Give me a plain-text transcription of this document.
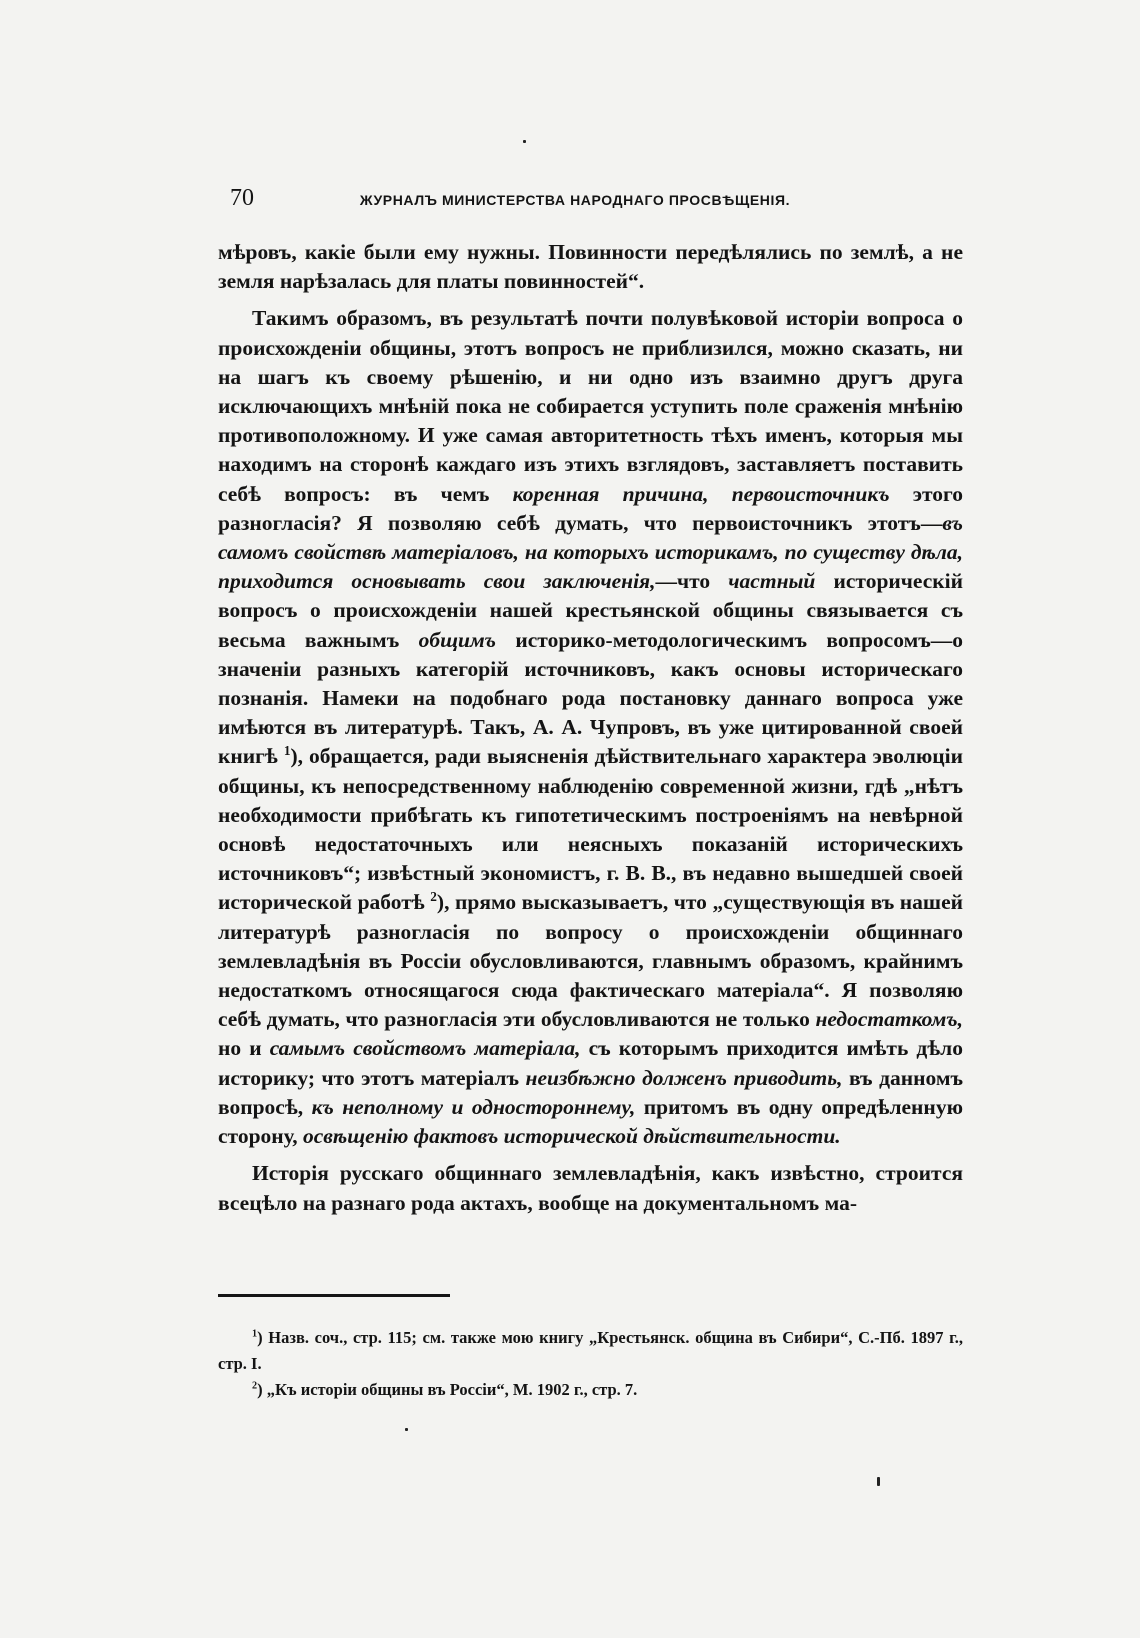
70	ЖУРНАЛЪ МИНИСТЕРСТВА НАРОДНАГО ПРОСВѢЩЕНІЯ.

мѣровъ, какіе были ему нужны. Повинности передѣлялись по землѣ, а не земля нарѣзалась для платы повинностей“.

Такимъ образомъ, въ результатѣ почти полувѣковой исторіи вопроса о происхожденіи общины, этотъ вопросъ не приблизился, можно сказать, ни на шагъ къ своему рѣшенію, и ни одно изъ взаимно другъ друга исключающихъ мнѣній пока не собирается уступить поле сраженія мнѣнію противоположному. И уже самая авторитетность тѣхъ именъ, которыя мы находимъ на сторонѣ каждаго изъ этихъ взглядовъ, заставляетъ поставить себѣ вопросъ: въ чемъ коренная причина, первоисточникъ этого разногласія? Я позволяю себѣ думать, что первоисточникъ этотъ—въ самомъ свойствѣ матеріаловъ, на которыхъ историкамъ, по существу дѣла, приходится основывать свои заключенія,—что частный историческій вопросъ о происхожденіи нашей крестьянской общины связывается съ весьма важнымъ общимъ историко-методологическимъ вопросомъ—о значеніи разныхъ категорій источниковъ, какъ основы историческаго познанія. Намеки на подобнаго рода постановку даннаго вопроса уже имѣются въ литературѣ. Такъ, А. А. Чупровъ, въ уже цитированной своей книгѣ $^1$), обращается, ради выясненія дѣйствительнаго характера эволюціи общины, къ непосредственному наблюденію современной жизни, гдѣ „нѣтъ необходимости прибѣгать къ гипотетическимъ построеніямъ на невѣрной основѣ недостаточныхъ или неясныхъ показаній историческихъ источниковъ“; извѣстный экономистъ, г. В. В., въ недавно вышедшей своей исторической работѣ $^2$), прямо высказываетъ, что „существующія въ нашей литературѣ разногласія по вопросу о происхожденіи общиннаго землевладѣнія въ Россіи обусловливаются, главнымъ образомъ, крайнимъ недостаткомъ относящагося сюда фактическаго матеріала“. Я позволяю себѣ думать, что разногласія эти обусловливаются не только недостаткомъ, но и самымъ свойствомъ матеріала, съ которымъ приходится имѣть дѣло историку; что этотъ матеріалъ неизбѣжно долженъ приводить, въ данномъ вопросѣ, къ неполному и одностороннему, притомъ въ одну опредѣленную сторону, освѣщенію фактовъ исторической дѣйствительности.

Исторія русскаго общиннаго землевладѣнія, какъ извѣстно, строится всецѣло на разнаго рода актахъ, вообще на документальномъ ма-

$^1$) Назв. соч., стр. 115; см. также мою книгу „Крестьянск. община въ Сибири“, С.-Пб. 1897 г., стр. I.

$^2$) „Къ исторіи общины въ Россіи“, М. 1902 г., стр. 7.
